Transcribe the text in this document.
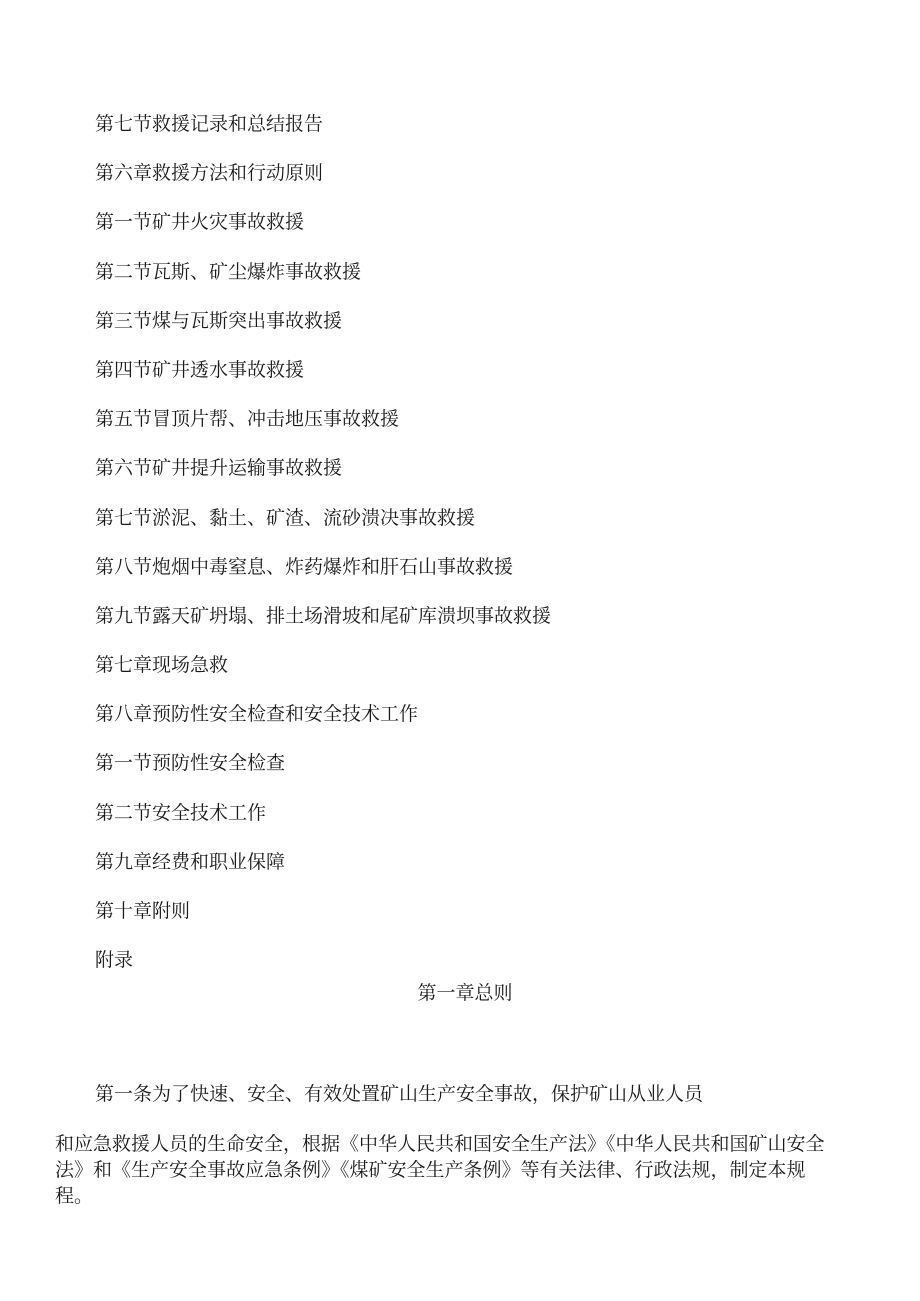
第七节救援记录和总结报告
第六章救援方法和行动原则
第一节矿井火灾事故救援
第二节瓦斯、矿尘爆炸事故救援
第三节煤与瓦斯突出事故救援
第四节矿井透水事故救援
第五节冒顶片帮、冲击地压事故救援
第六节矿井提升运输事故救援
第七节淤泥、黏土、矿渣、流砂溃决事故救援
第八节炮烟中毒窒息、炸药爆炸和肝石山事故救援
第九节露天矿坍塌、排土场滑坡和尾矿库溃坝事故救援
第七章现场急救
第八章预防性安全检查和安全技术工作
第一节预防性安全检查
第二节安全技术工作
第九章经费和职业保障
第十章附则
附录
第一章总则

第一条为了快速、安全、有效处置矿山生产安全事故，保护矿山从业人员

和应急救援人员的生命安全，根据《中华人民共和国安全生产法》《中华人民共和国矿山安全
法》和《生产安全事故应急条例》《煤矿安全生产条例》等有关法律、行政法规，制定本规
程。
